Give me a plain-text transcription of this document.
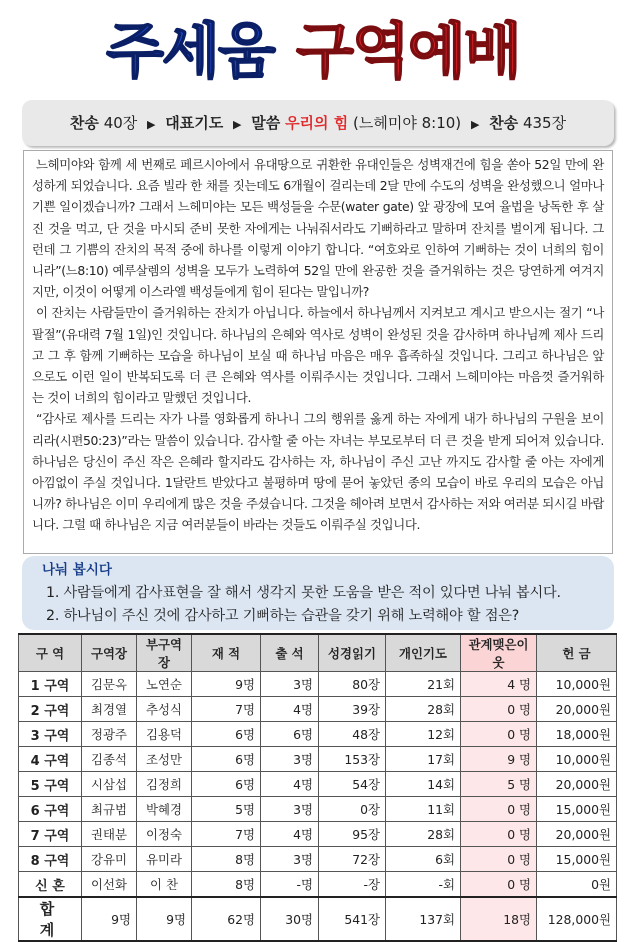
주세움 구역예배
찬송 40장 ▶ 대표기도 ▶ 말씀 우리의 힘 (느헤미야 8:10) ▶ 찬송 435장

느헤미야와 함께 세 번째로 페르시아에서 유대땅으로 귀환한 유대인들은 성벽재건에 힘을 쏟아 52일 만에 완성하게 되었습니다. 요즘 빌라 한 채를 짓는데도 6개월이 걸리는데 2달 만에 수도의 성벽을 완성했으니 얼마나 기쁜 일이겠습니까? 그래서 느헤미야는 모든 백성들을 수문(water gate) 앞 광장에 모여 율법을 낭독한 후 살진 것을 먹고, 단 것을 마시되 준비 못한 자에게는 나눠줘서라도 기뻐하라고 말하며 잔치를 벌이게 됩니다. 그런데 그 기쁨의 잔치의 목적 중에 하나를 이렇게 이야기 합니다. “여호와로 인하여 기뻐하는 것이 너희의 힘이니라”(느8:10) 예루살렘의 성벽을 모두가 노력하여 52일 만에 완공한 것을 즐거워하는 것은 당연하게 여겨지지만, 이것이 어떻게 이스라엘 백성들에게 힘이 된다는 말입니까?

이 잔치는 사람들만이 즐거워하는 잔치가 아닙니다. 하늘에서 하나님께서 지켜보고 계시고 받으시는 절기 “나팔절”(유대력 7월 1일)인 것입니다. 하나님의 은혜와 역사로 성벽이 완성된 것을 감사하며 하나님께 제사 드리고 그 후 함께 기뻐하는 모습을 하나님이 보실 때 하나님 마음은 매우 흡족하실 것입니다. 그리고 하나님은 앞으로도 이런 일이 반복되도록 더 큰 은혜와 역사를 이뤄주시는 것입니다. 그래서 느헤미야는 마음껏 즐거워하는 것이 너희의 힘이라고 말했던 것입니다.

“감사로 제사를 드리는 자가 나를 영화롭게 하나니 그의 행위를 옳게 하는 자에게 내가 하나님의 구원을 보이리라(시편50:23)”라는 말씀이 있습니다. 감사할 줄 아는 자녀는 부모로부터 더 큰 것을 받게 되어져 있습니다. 하나님은 당신이 주신 작은 은혜라 할지라도 감사하는 자, 하나님이 주신 고난 까지도 감사할 줄 아는 자에게 아낌없이 주실 것입니다. 1달란트 받았다고 불평하며 땅에 묻어 놓았던 종의 모습이 바로 우리의 모습은 아닙니까? 하나님은 이미 우리에게 많은 것을 주셨습니다. 그것을 헤아려 보면서 감사하는 저와 여러분 되시길 바랍니다. 그럴 때 하나님은 지금 여러분들이 바라는 것들도 이뤄주실 것입니다.

나눠 봅시다
1. 사람들에게 감사표현을 잘 해서 생각지 못한 도움을 받은 적이 있다면 나눠 봅시다.
2. 하나님이 주신 것에 감사하고 기뻐하는 습관을 갖기 위해 노력해야 할 점은?
구 역	구역장	부구역장	재 적	출 석	성경읽기	개인기도	관계맺은이웃	헌 금
1 구역	김문옥	노연순	9명	3명	80장	21회	4 명	10,000원
2 구역	최경열	추성식	7명	4명	39장	28회	0 명	20,000원
3 구역	정광주	김용덕	6명	6명	48장	12회	0 명	18,000원
4 구역	김종석	조성만	6명	3명	153장	17회	9 명	10,000원
5 구역	시삼섭	김정희	6명	4명	54장	14회	5 명	20,000원
6 구역	최규범	박혜경	5명	3명	0장	11회	0 명	15,000원
7 구역	권태분	이정숙	7명	4명	95장	28회	0 명	20,000원
8 구역	강유미	유미라	8명	3명	72장	6회	0 명	15,000원
신 혼	이선화	이 찬	8명	-명	-장	-회	0 명	0원
합 계	9명	9명	62명	30명	541장	137회	18명	128,000원
